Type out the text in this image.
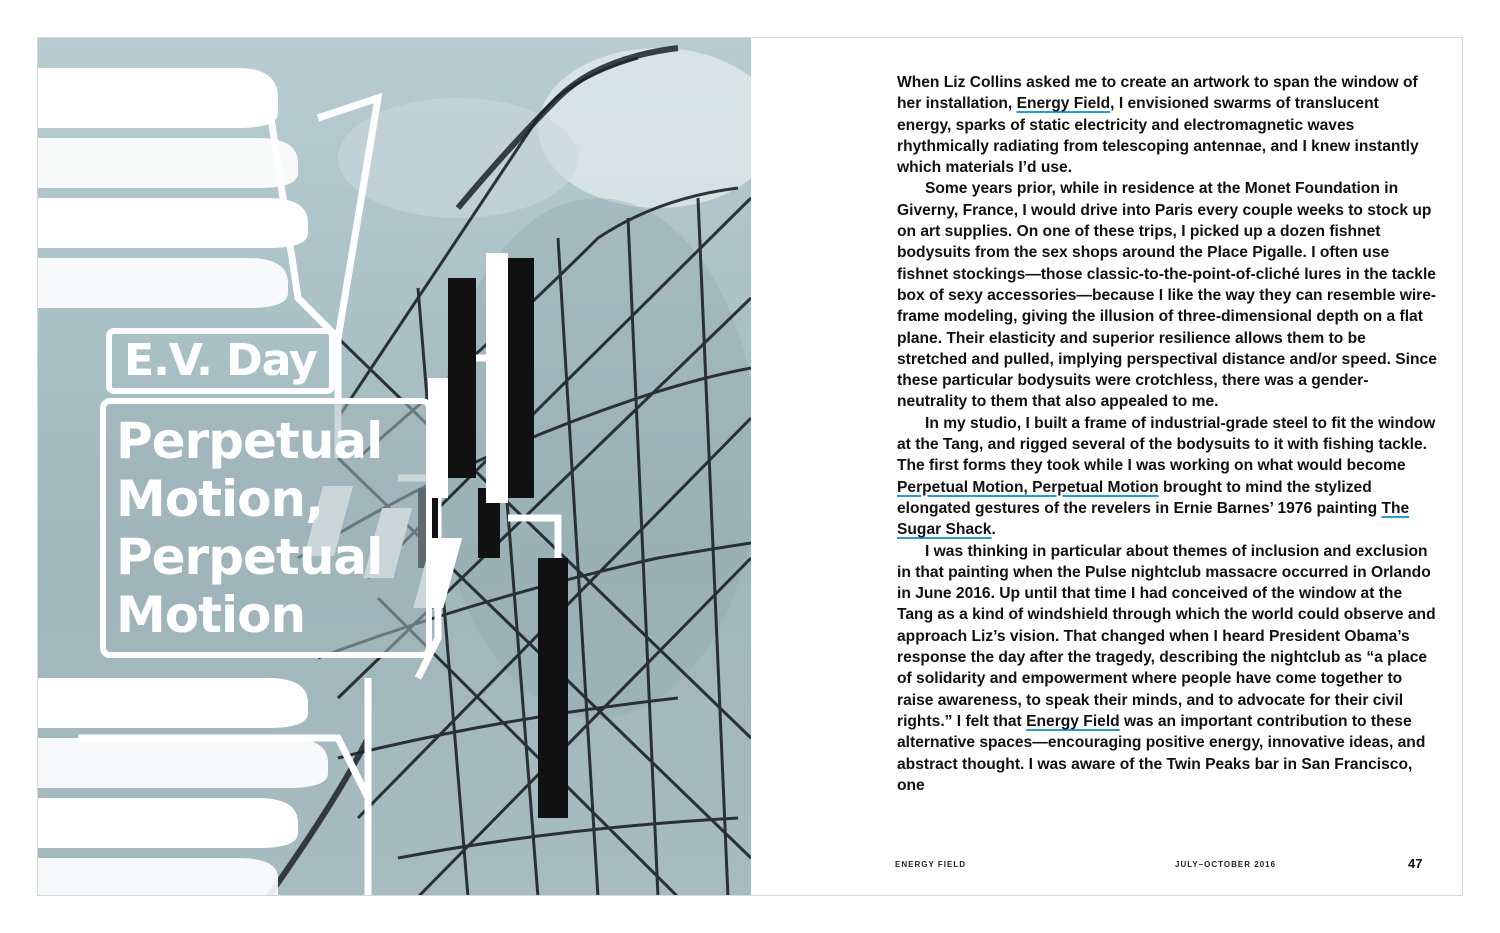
E.V. Day
Perpetual
Motion,
Perpetual
Motion

When Liz Collins asked me to create an artwork to span the window of her installation, Energy Field, I envisioned swarms of translucent energy, sparks of static electricity and electromagnetic waves rhythmically radiating from telescoping antennae, and I knew instantly which materials I’d use.

Some years prior, while in residence at the Monet Foundation in Giverny, France, I would drive into Paris every couple weeks to stock up on art supplies. On one of these trips, I picked up a dozen fishnet bodysuits from the sex shops around the Place Pigalle. I often use fishnet stockings—those classic-to-the-point-of-cliché lures in the tackle box of sexy accessories—because I like the way they can resemble wire-frame modeling, giving the illusion of three-dimensional depth on a flat plane. Their elasticity and superior resilience allows them to be stretched and pulled, implying perspectival distance and/or speed. Since these particular bodysuits were crotchless, there was a gender-neutrality to them that also appealed to me.

In my studio, I built a frame of industrial-grade steel to fit the window at the Tang, and rigged several of the bodysuits to it with fishing tackle. The first forms they took while I was working on what would become Perpetual Motion, Perpetual Motion brought to mind the stylized elongated gestures of the revelers in Ernie Barnes’ 1976 painting The Sugar Shack.

I was thinking in particular about themes of inclusion and exclusion in that painting when the Pulse nightclub massacre occurred in Orlando in June 2016. Up until that time I had conceived of the window at the Tang as a kind of windshield through which the world could observe and approach Liz’s vision. That changed when I heard President Obama’s response the day after the tragedy, describing the nightclub as “a place of solidarity and empowerment where people have come together to raise awareness, to speak their minds, and to advocate for their civil rights.” I felt that Energy Field was an important contribution to these alternative spaces—encouraging positive energy, innovative ideas, and abstract thought. I was aware of the Twin Peaks bar in San Francisco, one

ENERGY FIELD	JULY–OCTOBER 2016	47
